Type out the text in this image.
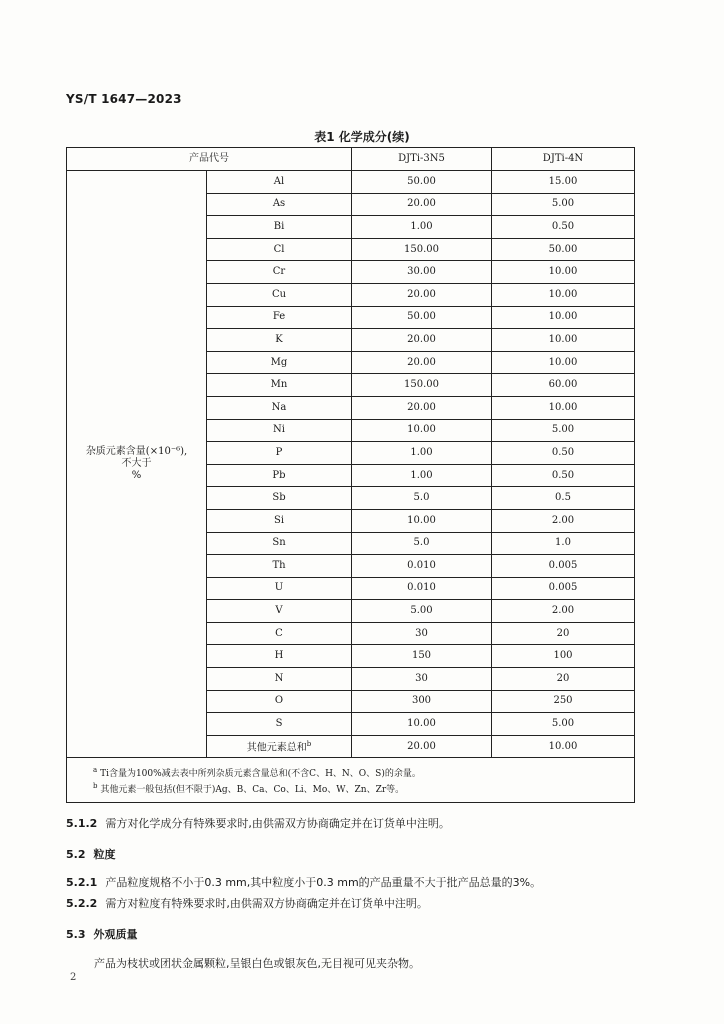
YS/T 1647—2023
表1 化学成分(续)
产品代号		DJTi-3N5	DJTi-4N

杂质元素含量(×10⁻⁶),
不大于
%	Al	50.00	15.00
	As	20.00	5.00
	Bi	1.00	0.50
	Cl	150.00	50.00
	Cr	30.00	10.00
	Cu	20.00	10.00
	Fe	50.00	10.00
	K	20.00	10.00
	Mg	20.00	10.00
	Mn	150.00	60.00
	Na	20.00	10.00
	Ni	10.00	5.00
	P	1.00	0.50
	Pb	1.00	0.50
	Sb	5.0	0.5
	Si	10.00	2.00
	Sn	5.0	1.0
	Th	0.010	0.005
	U	0.010	0.005
	V	5.00	2.00
	C	30	20
	H	150	100
	N	30	20
	O	300	250
	S	10.00	5.00
	其他元素总和$^b$	20.00	10.00

$^a$ Ti含量为100%减去表中所列杂质元素含量总和(不含C、H、N、O、S)的余量。
$^b$ 其他元素一般包括(但不限于)Ag、B、Ca、Co、Li、Mo、W、Zn、Zr等。			
5.1.2 需方对化学成分有特殊要求时,由供需双方协商确定并在订货单中注明。
5.2 粒度
5.2.1 产品粒度规格不小于0.3 mm,其中粒度小于0.3 mm的产品重量不大于批产品总量的3%。
5.2.2 需方对粒度有特殊要求时,由供需双方协商确定并在订货单中注明。
5.3 外观质量
产品为枝状或团状金属颗粒,呈银白色或银灰色,无目视可见夹杂物。
2
